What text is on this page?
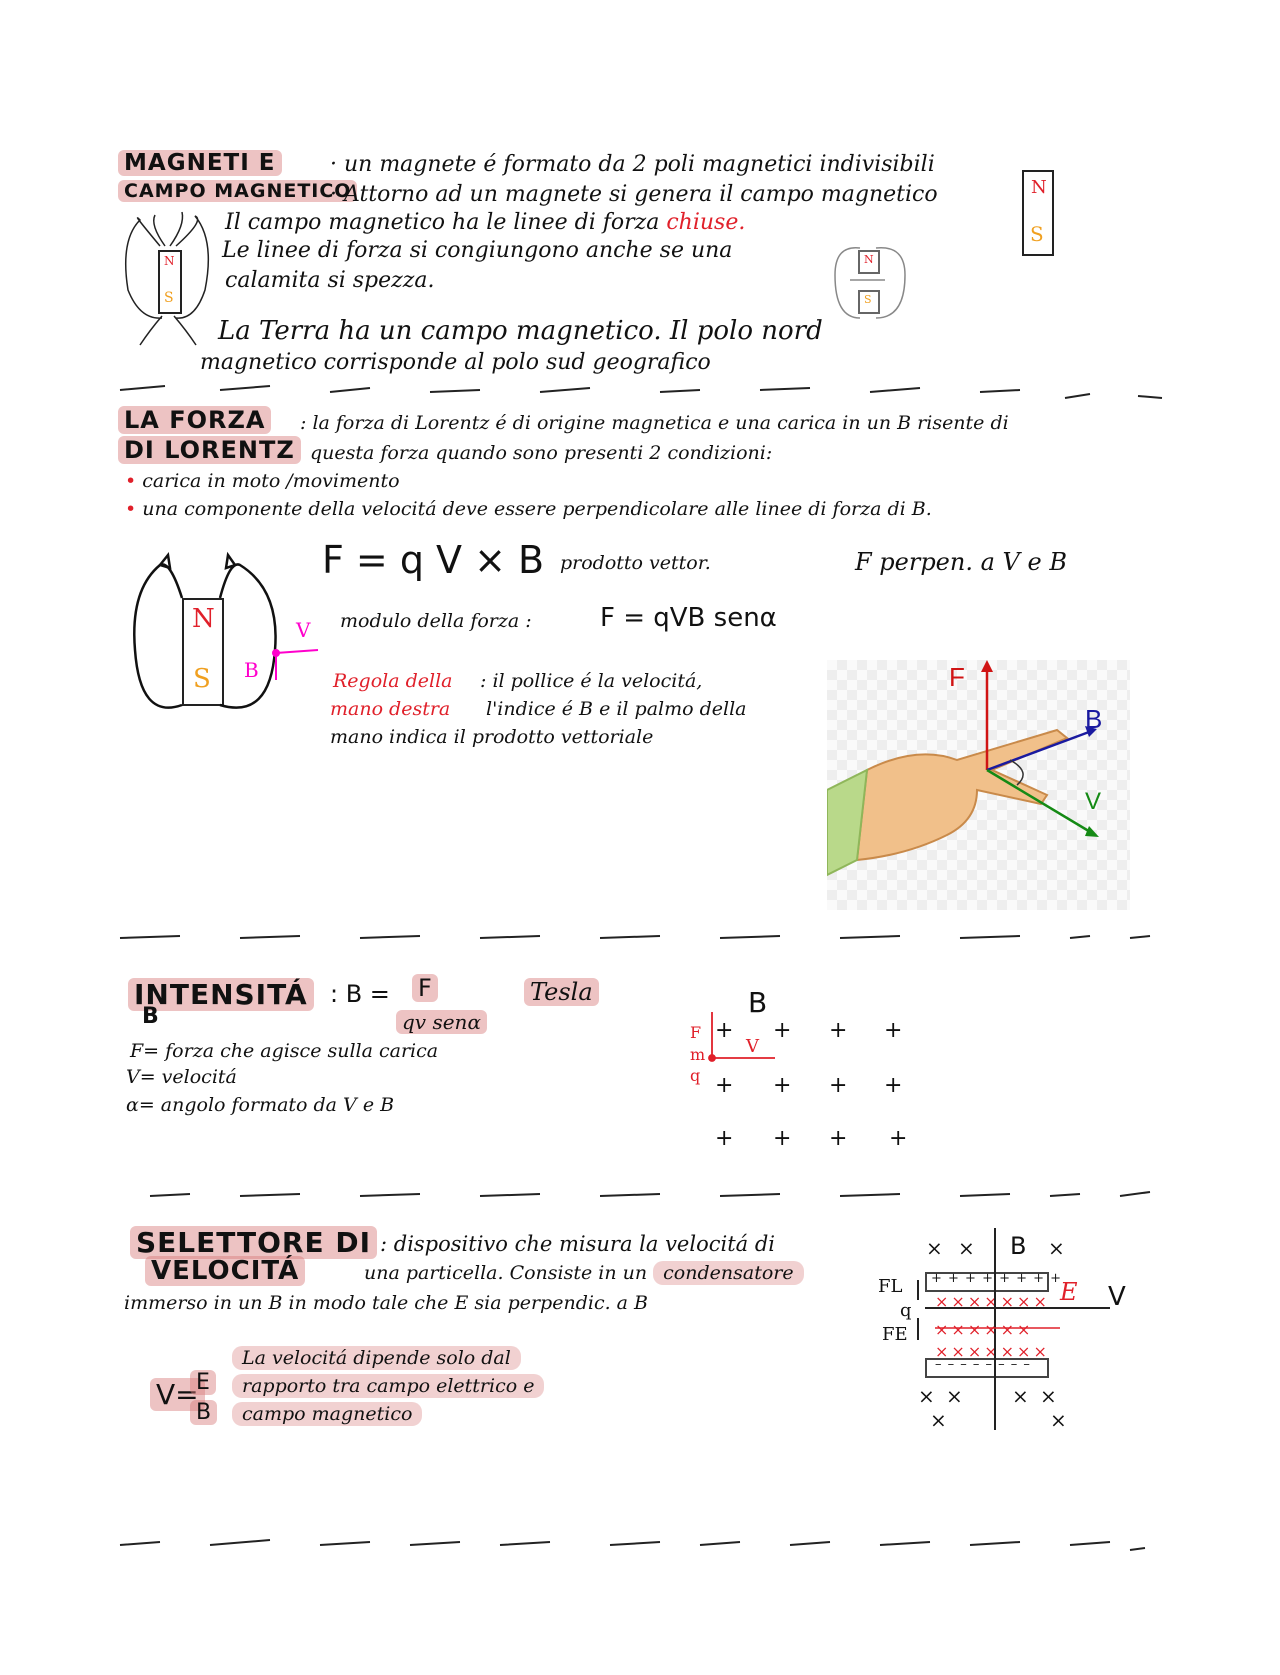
MAGNETI E
CAMPO MAGNETICO
· un magnete é formato da 2 poli magnetici indivisibili
· Attorno ad un magnete si genera il campo magnetico
Il campo magnetico ha le linee di forza chiuse.
Le linee di forza si congiungono anche se una
calamita si spezza.
La Terra ha un campo magnetico. Il polo nord
magnetico corrisponde al polo sud geografico
N
S
N
S
N
S
LA FORZA
DI LORENTZ
: la forza di Lorentz é di origine magnetica e una carica in un B risente di
questa forza quando sono presenti 2 condizioni:
• carica in moto /movimento
• una componente della velocitá deve essere perpendicolare alle linee di forza di B.
F = q V × B prodotto vettor.	F perpen. a V e B
modulo della forza :	F = qVB senα
Regola della
mano destra
: il pollice é la velocitá,
l'indice é B e il palmo della
mano indica il prodotto vettoriale
N
S
V
B	F
B
V
INTENSITÁ
B
: B = F
qv senα
Tesla
F= forza che agisce sulla carica
V= velocitá
α= angolo formato da V e B
B
F
m
q
V
+ + + +
+ + + +
+ + + +
SELETTORE DI
VELOCITÁ
: dispositivo che misura la velocitá di
una particella. Consiste in un condensatore
immerso in un B in modo tale che E sia perpendic. a B
V=
E
B
La velocitá dipende solo dal
rapporto tra campo elettrico e
campo magnetico
+ + + + + + + +
– – – – – – – –
B
E V
FL
FE
q
× ×	×
×××××××
××××××
×××××××
× × × ×
×	×
